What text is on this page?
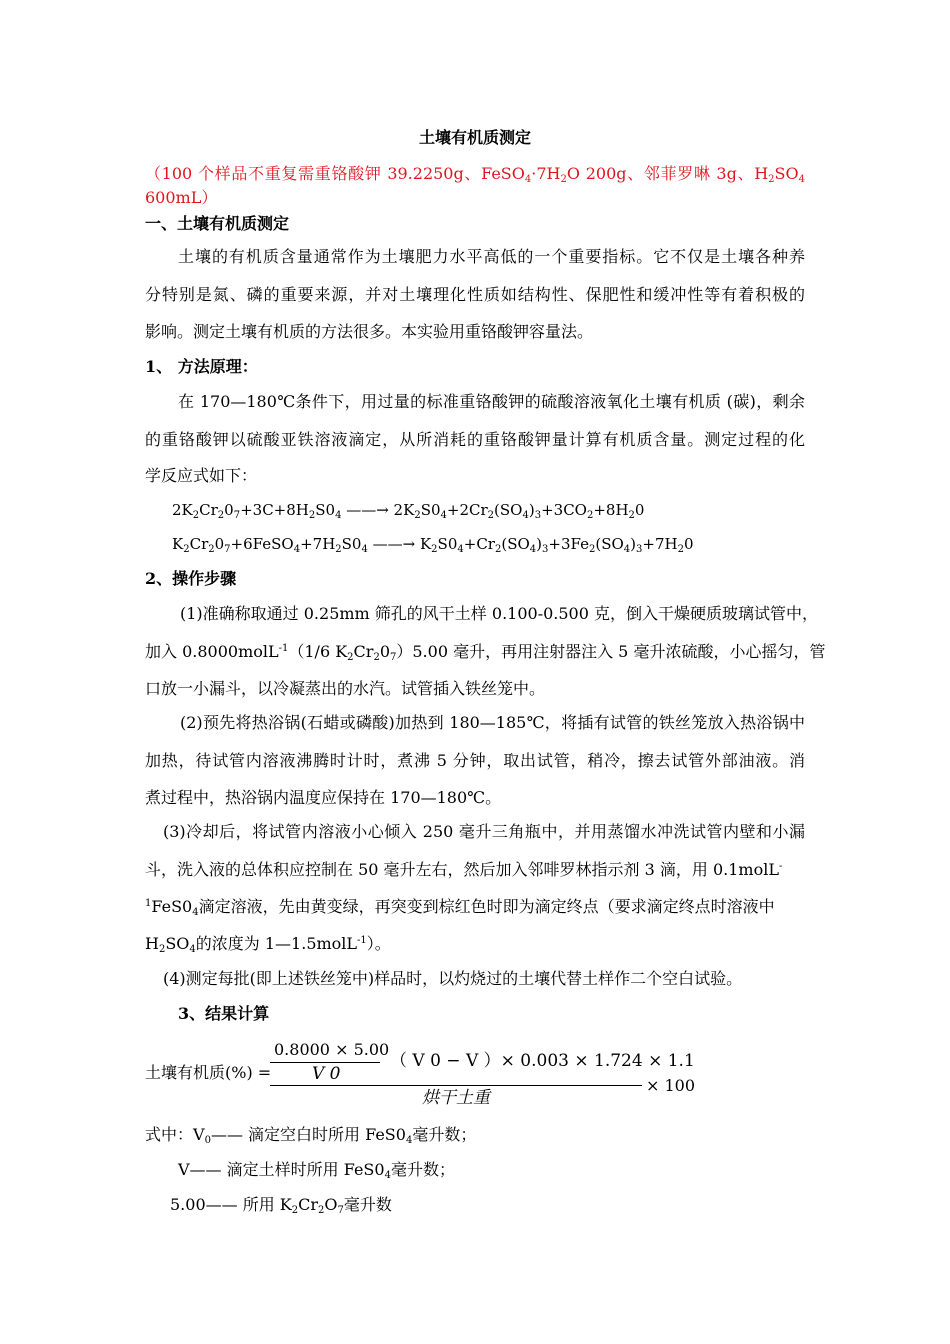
土壤有机质测定
（100 个样品不重复需重铬酸钾 39.2250g、$FeSO_4\cdot 7H_2O$ 200g、邻菲罗啉 3g、$H_2SO_4$
600mL）
一、土壤有机质测定
土壤的有机质含量通常作为土壤肥力水平高低的一个重要指标。它不仅是土壤各种养
分特别是氮、磷的重要来源，并对土壤理化性质如结构性、保肥性和缓冲性等有着积极的
影响。测定土壤有机质的方法很多。本实验用重铬酸钾容量法。
1、 方法原理：
在 170—180℃条件下，用过量的标准重铬酸钾的硫酸溶液氧化土壤有机质 (碳)，剩余
的重铬酸钾以硫酸亚铁溶液滴定，从所消耗的重铬酸钾量计算有机质含量。测定过程的化
学反应式如下：
$2K_2Cr_20_7+3C+8H_2S0_4$ ——→ $2K_2S0_4+2Cr_2(SO_4)_3+3CO_2+8H_20$
$K_2Cr_20_7+6FeSO_4+7H_2S0_4$ ——→ $K_2S0_4+Cr_2(SO_4)_3+3Fe_2(SO_4)_3+7H_20$
2、操作步骤
(1)准确称取通过 0.25mm 筛孔的风干土样 0.100-0.500 克，倒入干燥硬质玻璃试管中，
加入 0.8000molL$^{-1}$（1/6 $K_2Cr_20_7)5.00$ 毫升，再用注射器注入 5 毫升浓硫酸，小心摇匀，管
口放一小漏斗，以冷凝蒸出的水汽。试管插入铁丝笼中。
(2)预先将热浴锅(石蜡或磷酸)加热到 180—185℃，将插有试管的铁丝笼放入热浴锅中
加热，待试管内溶液沸腾时计时，煮沸 5 分钟，取出试管，稍冷，擦去试管外部油液。消
煮过程中，热浴锅内温度应保持在 170—180℃。
(3)冷却后，将试管内溶液小心倾入 250 毫升三角瓶中，并用蒸馏水冲洗试管内壁和小漏
斗，洗入液的总体积应控制在 50 毫升左右，然后加入邻啡罗林指示剂 3 滴，用 0.1molL-
$^1FeS0_4$滴定溶液，先由黄变绿，再突变到棕红色时即为滴定终点（要求滴定终点时溶液中
$H_2SO_4$的浓度为 1—1.5molL$^{-1}$）。
(4)测定每批(即上述铁丝笼中)样品时，以灼烧过的土壤代替土样作二个空白试验。
3、结果计算
土壤有机质(%) =
0.8000 × 5.00
V 0
（ V 0 − V ）× 0.003 × 1.724 × 1.1
烘干土重
× 100
式中：$V_0——$ 滴定空白时所用 $FeS0_4$毫升数；
V—— 滴定土样时所用 $FeS0_4$毫升数；
5.00—— 所用 $K_2Cr_2O_7$毫升数
